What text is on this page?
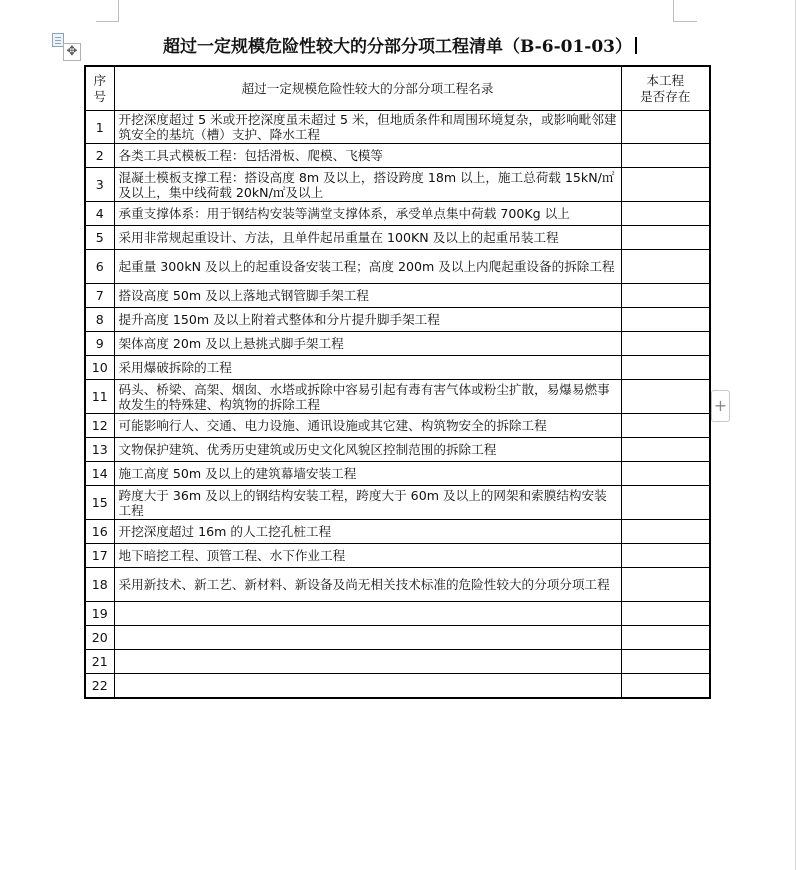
✥	超过一定规模危险性较大的分部分项工程清单（B-6-01-03）
序号	超过一定规模危险性较大的分部分项工程名录	本工程
是否存在

1	开挖深度超过 5 米或开挖深度虽未超过 5 米，但地质条件和周围环境复杂，或影响毗邻建筑安全的基坑（槽）支护、降水工程	
2	各类工具式模板工程：包括滑板、爬模、飞模等	
3	混凝土模板支撑工程：搭设高度 8m 及以上，搭设跨度 18m 以上，施工总荷载 15kN/㎡及以上，集中线荷载 20kN/㎡及以上	
4	承重支撑体系：用于钢结构安装等满堂支撑体系，承受单点集中荷载 700Kg 以上	
5	采用非常规起重设计、方法，且单件起吊重量在 100KN 及以上的起重吊装工程	
6	起重量 300kN 及以上的起重设备安装工程；高度 200m 及以上内爬起重设备的拆除工程	
7	搭设高度 50m 及以上落地式钢管脚手架工程	
8	提升高度 150m 及以上附着式整体和分片提升脚手架工程	
9	架体高度 20m 及以上悬挑式脚手架工程	
10	采用爆破拆除的工程	
11	码头、桥梁、高架、烟囱、水塔或拆除中容易引起有毒有害气体或粉尘扩散，易爆易燃事故发生的特殊建、构筑物的拆除工程	
12	可能影响行人、交通、电力设施、通讯设施或其它建、构筑物安全的拆除工程	
13	文物保护建筑、优秀历史建筑或历史文化风貌区控制范围的拆除工程	
14	施工高度 50m 及以上的建筑幕墙安装工程	
15	跨度大于 36m 及以上的钢结构安装工程，跨度大于 60m 及以上的网架和索膜结构安装工程	
16	开挖深度超过 16m 的人工挖孔桩工程	
17	地下暗挖工程、顶管工程、水下作业工程	
18	采用新技术、新工艺、新材料、新设备及尚无相关技术标准的危险性较大的分项分项工程	
19		
20		
21		
22		
+
